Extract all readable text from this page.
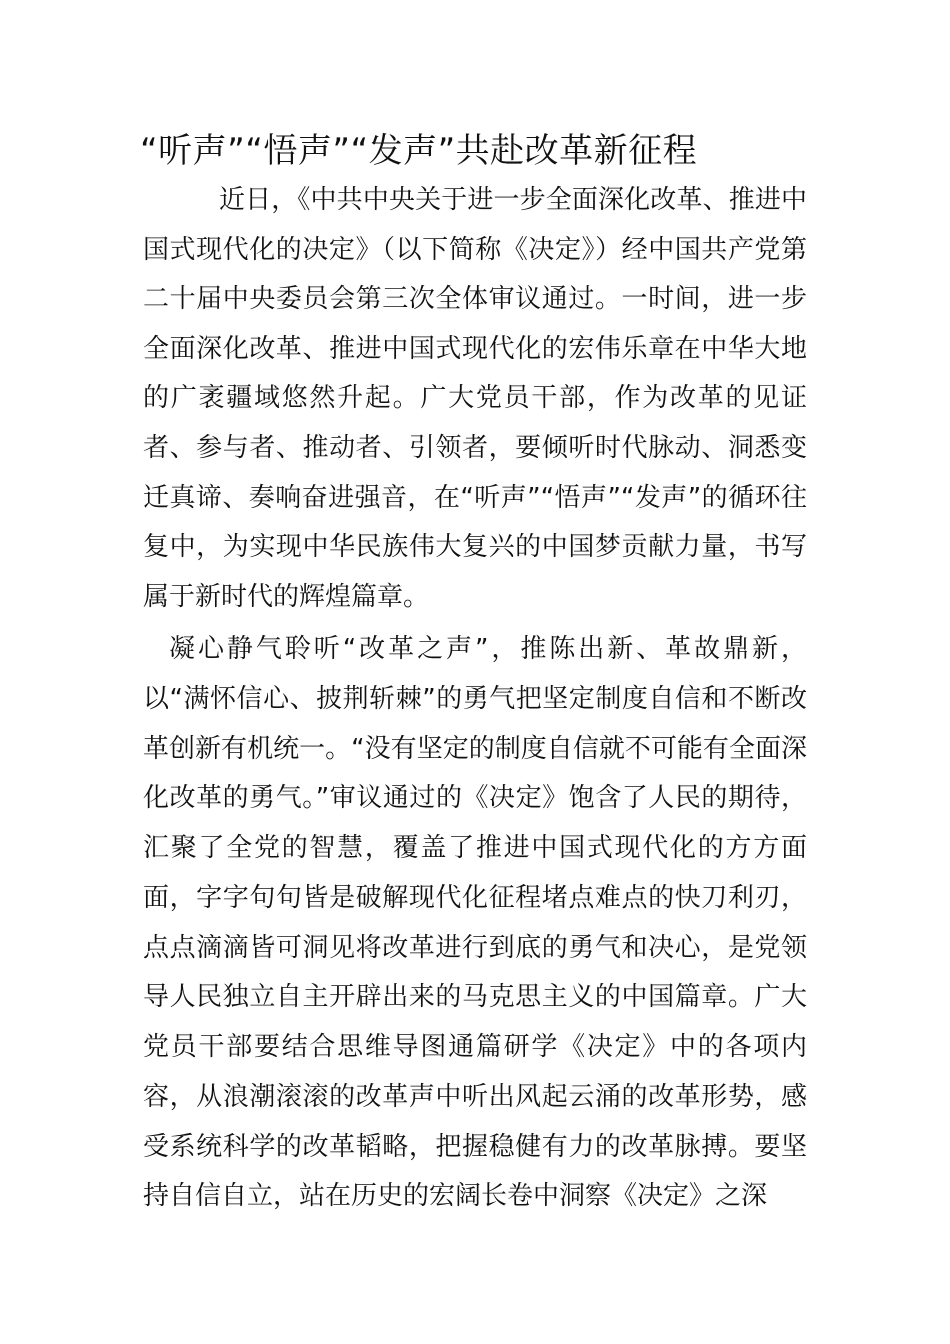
“听声”“悟声”“发声”共赴改革新征程

近日，《中共中央关于进一步全面深化改革、推进中国式现代化的决定》（以下简称《决定》）经中国共产党第二十届中央委员会第三次全体审议通过。一时间，进一步全面深化改革、推进中国式现代化的宏伟乐章在中华大地的广袤疆域悠然升起。广大党员干部，作为改革的见证者、参与者、推动者、引领者，要倾听时代脉动、洞悉变迁真谛、奏响奋进强音，在“听声”“悟声”“发声”的循环往复中，为实现中华民族伟大复兴的中国梦贡献力量，书写属于新时代的辉煌篇章。

凝心静气聆听“改革之声”，推陈出新、革故鼎新，以“满怀信心、披荆斩棘”的勇气把坚定制度自信和不断改革创新有机统一。“没有坚定的制度自信就不可能有全面深化改革的勇气。”审议通过的《决定》饱含了人民的期待，汇聚了全党的智慧，覆盖了推进中国式现代化的方方面面，字字句句皆是破解现代化征程堵点难点的快刀利刃，点点滴滴皆可洞见将改革进行到底的勇气和决心，是党领导人民独立自主开辟出来的马克思主义的中国篇章。广大党员干部要结合思维导图通篇研学《决定》中的各项内容，从浪潮滚滚的改革声中听出风起云涌的改革形势，感受系统科学的改革韬略，把握稳健有力的改革脉搏。要坚持自信自立，站在历史的宏阔长卷中洞察《决定》之深
